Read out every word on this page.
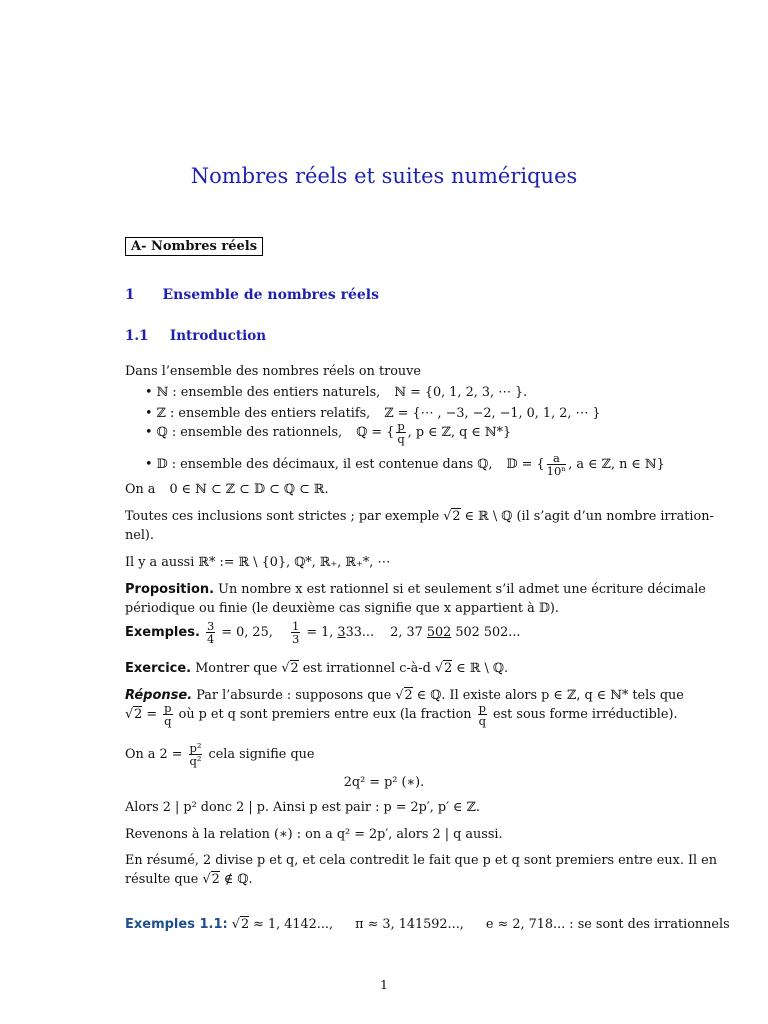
Nombres réels et suites numériques
A- Nombres réels
1 Ensemble de nombres réels
1.1 Introduction
Dans l’ensemble des nombres réels on trouve
• ℕ : ensemble des entiers naturels, ℕ = {0, 1, 2, 3, ⋯ }.
• ℤ : ensemble des entiers relatifs, ℤ = {⋯ , −3, −2, −1, 0, 1, 2, ⋯ }
• ℚ : ensemble des rationnels, ℚ = { $\frac{p}{q}$ , p ∈ ℤ, q ∈ ℕ*}
• 𝔻 : ensemble des décimaux, il est contenue dans ℚ, 𝔻 = { $\frac{a}{\text{10ⁿ}}$ , a ∈ ℤ, n ∈ ℕ}
On a 0 ∈ ℕ ⊂ ℤ ⊂ 𝔻 ⊂ ℚ ⊂ ℝ.
Toutes ces inclusions sont strictes ; par exemple √2 ∈ ℝ \ ℚ (il s’agit d’un nombre irration-
nel).
Il y a aussi ℝ* := ℝ \ {0}, ℚ*, ℝ₊, ℝ₊*, ⋯
Proposition. Un nombre x est rationnel si et seulement s’il admet une écriture décimale
périodique ou finie (le deuxième cas signifie que x appartient à 𝔻).
Exemples. $\frac{3}{4} = 0$, 25, $\frac{1}{3} = 1$, 333... 2, 37 502 502 502...
Exercice. Montrer que √2 est irrationnel c-à-d √2 ∈ ℝ \ ℚ.
Réponse. Par l’absurde : supposons que √2 ∈ ℚ. Il existe alors p ∈ ℤ, q ∈ ℕ* tels que
$√2 = \frac{p}{q}$ où p et q sont premiers entre eux (la fraction $\frac{p}{q}$ est sous forme irréductible).
On a $2 = \frac{\text{p²}}{\text{q²}}$ cela signifie que
2q² = p² (∗).
Alors 2 | p² donc 2 | p. Ainsi p est pair : p = 2p′, p′ ∈ ℤ.
Revenons à la relation (∗) : on a q² = 2p′, alors 2 | q aussi.
En résumé, 2 divise p et q, et cela contredit le fait que p et q sont premiers entre eux. Il en
résulte que √2 ∉ ℚ.
Exemples 1.1: √2 ≈ 1, 4142..., π ≈ 3, 141592..., e ≈ 2, 718... : se sont des irrationnels
1
